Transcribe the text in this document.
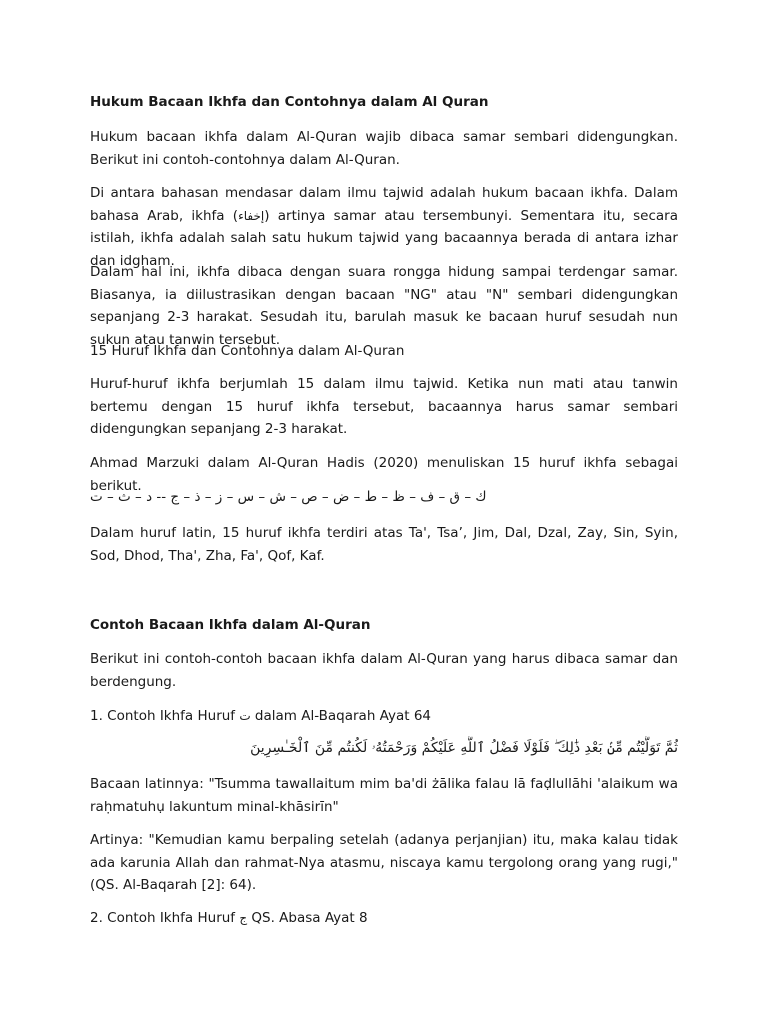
Hukum Bacaan Ikhfa dan Contohnya dalam Al Quran

Hukum bacaan ikhfa dalam Al-Quran wajib dibaca samar sembari didengungkan. Berikut ini contoh-contohnya dalam Al-Quran.

Di antara bahasan mendasar dalam ilmu tajwid adalah hukum bacaan ikhfa. Dalam bahasa Arab, ikhfa (إخفاء) artinya samar atau tersembunyi. Sementara itu, secara istilah, ikhfa adalah salah satu hukum tajwid yang bacaannya berada di antara izhar dan idgham.

Dalam hal ini, ikhfa dibaca dengan suara rongga hidung sampai terdengar samar. Biasanya, ia diilustrasikan dengan bacaan "NG" atau "N" sembari didengungkan sepanjang 2-3 harakat. Sesudah itu, barulah masuk ke bacaan huruf sesudah nun sukun atau tanwin tersebut.

15 Huruf Ikhfa dan Contohnya dalam Al-Quran

Huruf-huruf ikhfa berjumlah 15 dalam ilmu tajwid. Ketika nun mati atau tanwin bertemu dengan 15 huruf ikhfa tersebut, bacaannya harus samar sembari didengungkan sepanjang 2-3 harakat.

Ahmad Marzuki dalam Al-Quran Hadis (2020) menuliskan 15 huruf ikhfa sebagai berikut.

ك – ق – ف – ظ – ط – ض – ص – ش – س – ز – ذ – ج -- د – ث – ت

Dalam huruf latin, 15 huruf ikhfa terdiri atas Ta', Tsa’, Jim, Dal, Dzal, Zay, Sin, Syin, Sod, Dhod, Tha', Zha, Fa', Qof, Kaf.

Contoh Bacaan Ikhfa dalam Al-Quran

Berikut ini contoh-contoh bacaan ikhfa dalam Al-Quran yang harus dibaca samar dan berdengung.

1. Contoh Ikhfa Huruf ت dalam Al-Baqarah Ayat 64

ثُمَّ تَوَلَّيْتُم مِّنۢ بَعْدِ ذَٰلِكَ ۖ فَلَوْلَا فَضْلُ ٱللَّهِ عَلَيْكُمْ وَرَحْمَتُهُۥ لَكُنتُم مِّنَ ٱلْخَـٰسِرِينَ

Bacaan latinnya: "Tsumma tawallaitum mim ba'di żālika falau lā faḍlullāhi 'alaikum wa raḥmatuhụ lakuntum minal-khāsirīn"

Artinya: "Kemudian kamu berpaling setelah (adanya perjanjian) itu, maka kalau tidak ada karunia Allah dan rahmat-Nya atasmu, niscaya kamu tergolong orang yang rugi," (QS. Al-Baqarah [2]: 64).

2. Contoh Ikhfa Huruf ج QS. Abasa Ayat 8
